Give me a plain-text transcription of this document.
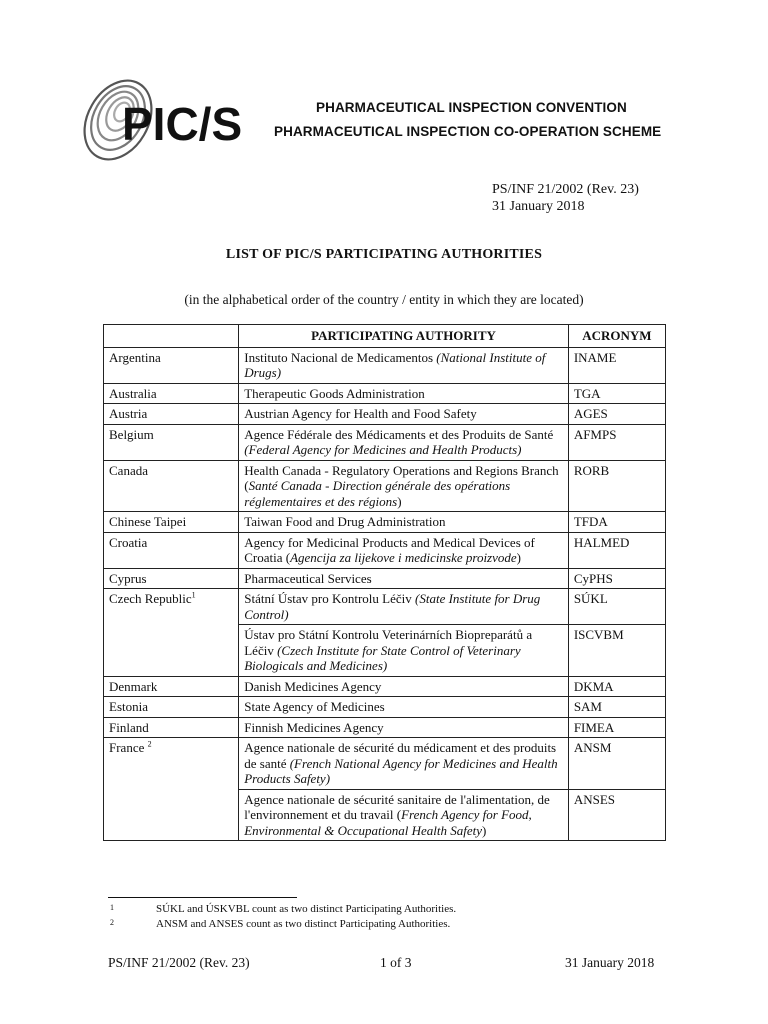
PIC/S	PHARMACEUTICAL INSPECTION CONVENTION
PHARMACEUTICAL INSPECTION CO-OPERATION SCHEME
PS/INF 21/2002 (Rev. 23)
31 January 2018
LIST OF PIC/S PARTICIPATING AUTHORITIES
(in the alphabetical order of the country / entity in which they are located)
	PARTICIPATING AUTHORITY	ACRONYM
Argentina	Instituto Nacional de Medicamentos (National Institute of Drugs)	INAME
Australia	Therapeutic Goods Administration	TGA
Austria	Austrian Agency for Health and Food Safety	AGES
Belgium	Agence Fédérale des Médicaments et des Produits de Santé (Federal Agency for Medicines and Health Products)	AFMPS
Canada	Health Canada - Regulatory Operations and Regions Branch (Santé Canada - Direction générale des opérations réglementaires et des régions)	RORB
Chinese Taipei	Taiwan Food and Drug Administration	TFDA
Croatia	Agency for Medicinal Products and Medical Devices of Croatia (Agencija za lijekove i medicinske proizvode)	HALMED
Cyprus	Pharmaceutical Services	CyPHS
Czech Republic$^1$	Státní Ústav pro Kontrolu Léčiv (State Institute for Drug Control)	SÚKL
	Ústav pro Státní Kontrolu Veterinárních Biopreparátů a Léčiv (Czech Institute for State Control of Veterinary Biologicals and Medicines)	ISCVBM
Denmark	Danish Medicines Agency	DKMA
Estonia	State Agency of Medicines	SAM
Finland	Finnish Medicines Agency	FIMEA
France $^2$	Agence nationale de sécurité du médicament et des produits de santé (French National Agency for Medicines and Health Products Safety)	ANSM
	Agence nationale de sécurité sanitaire de l'alimentation, de l'environnement et du travail (French Agency for Food, Environmental & Occupational Health Safety)	ANSES
1	SÚKL and ÚSKVBL count as two distinct Participating Authorities.
2	ANSM and ANSES count as two distinct Participating Authorities.
PS/INF 21/2002 (Rev. 23)	1 of 3	31 January 2018
